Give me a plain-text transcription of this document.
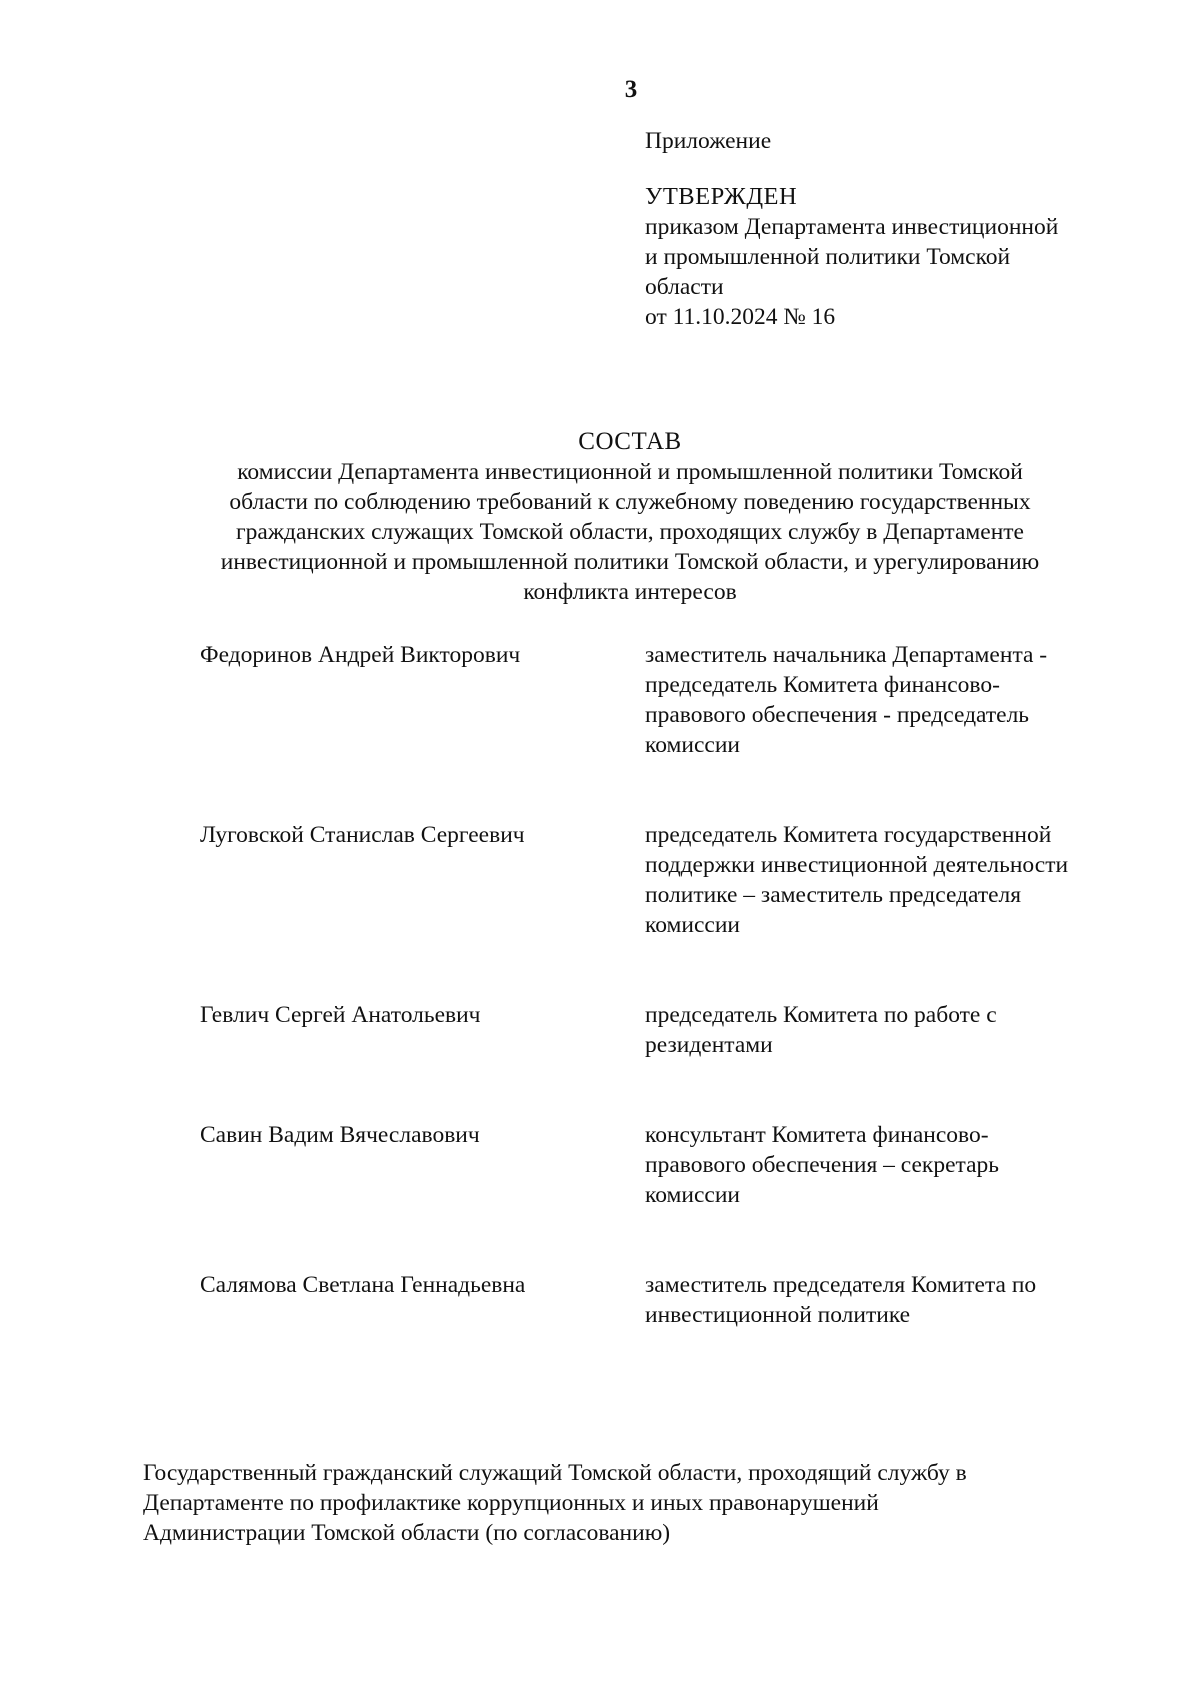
3
Приложение
УТВЕРЖДЕН
приказом Департамента инвестиционной
и промышленной политики Томской
области
от 11.10.2024 № 16
СОСТАВ
комиссии Департамента инвестиционной и промышленной политики Томской
области по соблюдению требований к служебному поведению государственных
гражданских служащих Томской области, проходящих службу в Департаменте
инвестиционной и промышленной политики Томской области, и урегулированию
конфликта интересов
Федоринов Андрей Викторович	заместитель начальника Департамента -
председатель Комитета финансово-
правового обеспечения - председатель
комиссии
Луговской Станислав Сергеевич	председатель Комитета государственной
поддержки инвестиционной деятельности
политике – заместитель председателя
комиссии
Гевлич Сергей Анатольевич	председатель Комитета по работе с
резидентами
Савин Вадим Вячеславович	консультант Комитета финансово-
правового обеспечения – секретарь
комиссии
Салямова Светлана Геннадьевна	заместитель председателя Комитета по
инвестиционной политике
Государственный гражданский служащий Томской области, проходящий службу в
Департаменте по профилактике коррупционных и иных правонарушений
Администрации Томской области (по согласованию)
